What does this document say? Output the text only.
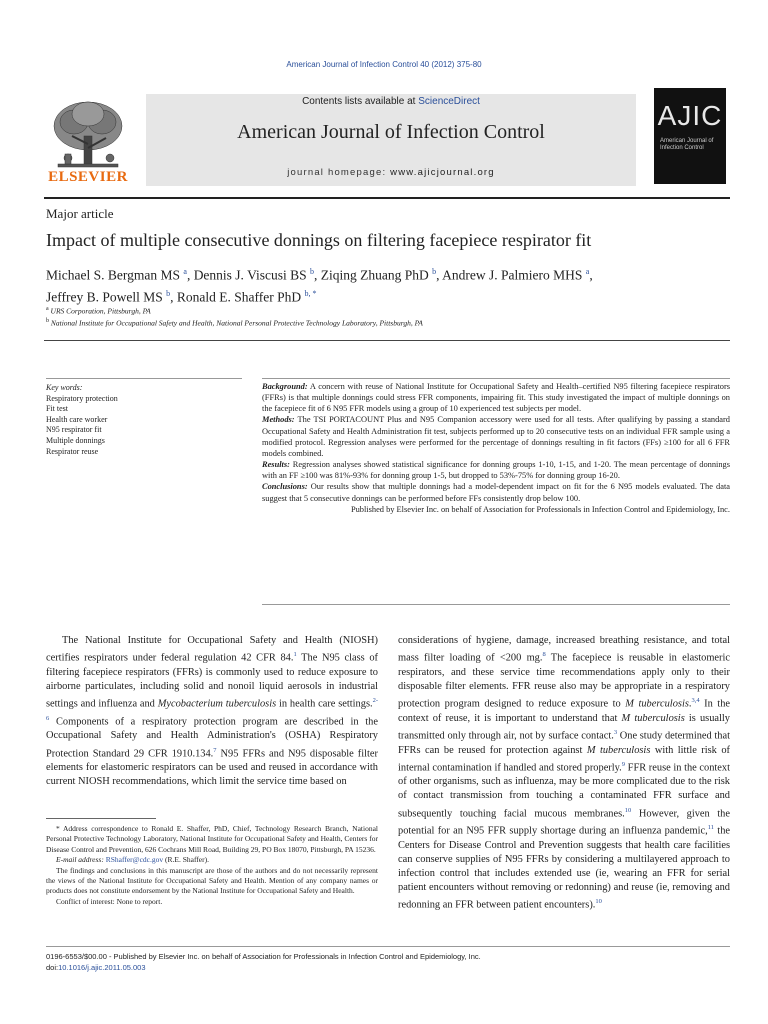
American Journal of Infection Control 40 (2012) 375-80
ELSEVIER
Contents lists available at ScienceDirect
American Journal of Infection Control
journal homepage: www.ajicjournal.org
AJIC
American Journal of Infection Control
Major article
Impact of multiple consecutive donnings on filtering facepiece respirator fit
Michael S. Bergman MS $^a$, Dennis J. Viscusi BS $^b$, Ziqing Zhuang PhD $^b$, Andrew J. Palmiero MHS $^a$,
Jeffrey B. Powell MS $^b$, Ronald E. Shaffer PhD $^{b, *}$
$^a$ URS Corporation, Pittsburgh, PA
$^b$ National Institute for Occupational Safety and Health, National Personal Protective Technology Laboratory, Pittsburgh, PA
Key words:
Respiratory protection
Fit test
Health care worker
N95 respirator fit
Multiple donnings
Respirator reuse

Background: A concern with reuse of National Institute for Occupational Safety and Health–certified N95 filtering facepiece respirators (FFRs) is that multiple donnings could stress FFR components, impairing fit. This study investigated the impact of multiple donnings on the facepiece fit of 6 N95 FFR models using a group of 10 experienced test subjects per model.

Methods: The TSI PORTACOUNT Plus and N95 Companion accessory were used for all tests. After qualifying by passing a standard Occupational Safety and Health Administration fit test, subjects performed up to 20 consecutive tests on an individual FFR sample using a modified protocol. Regression analyses were performed for the percentage of donnings resulting in fit factors (FFs) ≥100 for all 6 FFR models combined.

Results: Regression analyses showed statistical significance for donning groups 1-10, 1-15, and 1-20. The mean percentage of donnings with an FF ≥100 was 81%-93% for donning group 1-5, but dropped to 53%-75% for donning group 16-20.

Conclusions: Our results show that multiple donnings had a model-dependent impact on fit for the 6 N95 models evaluated. The data suggest that 5 consecutive donnings can be performed before FFs consistently drop below 100.

Published by Elsevier Inc. on behalf of Association for Professionals in Infection Control and Epidemiology, Inc.

The National Institute for Occupational Safety and Health (NIOSH) certifies respirators under federal regulation 42 CFR 84.$^1$ The N95 class of filtering facepiece respirators (FFRs) is commonly used to reduce exposure to airborne particulates, including solid and nonoil liquid aerosols in industrial settings and influenza and Mycobacterium tuberculosis in health care settings.$^{2-6}$ Components of a respiratory protection program are described in the Occupational Safety and Health Administration's (OSHA) Respiratory Protection Standard 29 CFR 1910.134.$^7$ N95 FFRs and N95 disposable filter elements for elastomeric respirators can be used and reused in accordance with current NIOSH recommendations, which limit the service time based on
considerations of hygiene, damage, increased breathing resistance, and total mass filter loading of <200 mg.$^8$ The facepiece is reusable in elastomeric respirators, and these service time recommendations apply only to their disposable filter elements. FFR reuse also may be appropriate in a respiratory protection program designed to reduce exposure to M tuberculosis.$^{3,4}$ In the context of reuse, it is important to understand that M tuberculosis is usually transmitted only through air, not by surface contact.$^3$ One study determined that FFRs can be reused for protection against M tuberculosis with little risk of internal contamination if handled and stored properly.$^9$ FFR reuse in the context of other organisms, such as influenza, may be more complicated due to the risk of contact transmission from touching a contaminated FFR surface and subsequently touching facial mucous membranes.$^{10}$ However, given the potential for an N95 FFR supply shortage during an influenza pandemic,$^{11}$ the Centers for Disease Control and Prevention suggests that health care facilities can conserve supplies of N95 FFRs by considering a multilayered approach to infection control that includes extended use (ie, wearing an FFR for serial patient encounters without removing or redonning) and reuse (ie, removing and redonning an FFR between patient encounters).$^{10}$

* Address correspondence to Ronald E. Shaffer, PhD, Chief, Technology Research Branch, National Personal Protective Technology Laboratory, National Institute for Occupational Safety and Health, Centers for Disease Control and Prevention, 626 Cochrans Mill Road, Building 29, PO Box 18070, Pittsburgh, PA 15236.

E-mail address: RShaffer@cdc.gov (R.E. Shaffer).

The findings and conclusions in this manuscript are those of the authors and do not necessarily represent the views of the National Institute for Occupational Safety and Health. Mention of any company names or products does not constitute endorsement by the National Institute for Occupational Safety and Health.

Conflict of interest: None to report.

0196-6553/$00.00 - Published by Elsevier Inc. on behalf of Association for Professionals in Infection Control and Epidemiology, Inc.
doi:10.1016/j.ajic.2011.05.003
